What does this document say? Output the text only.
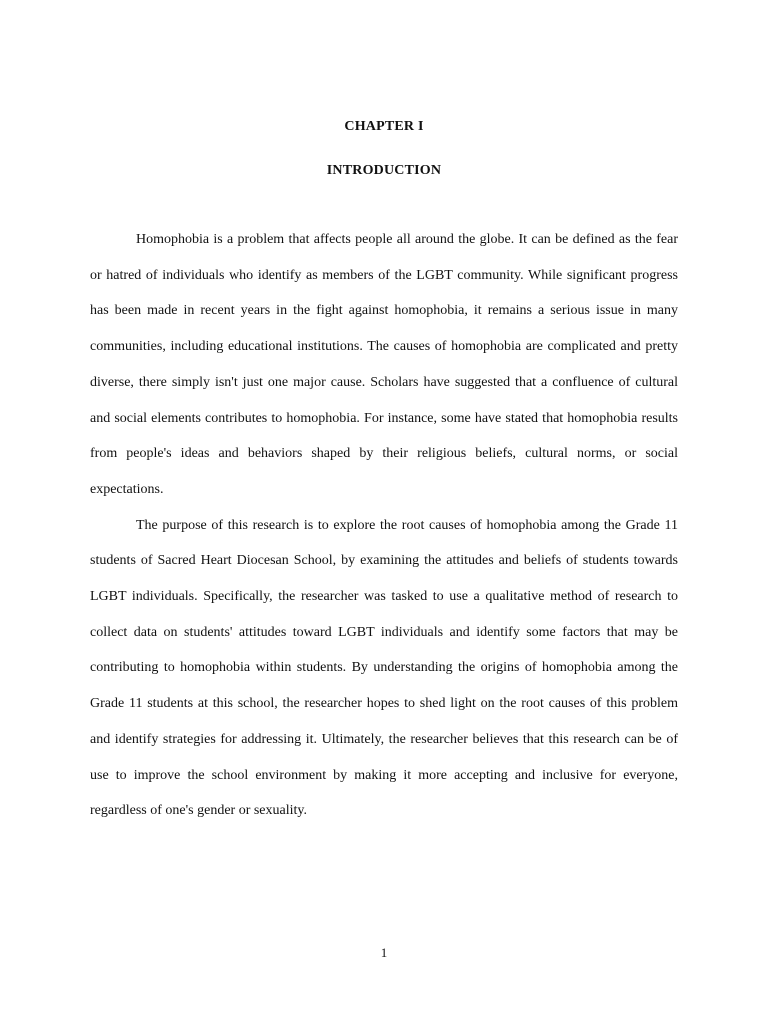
CHAPTER I
INTRODUCTION

Homophobia is a problem that affects people all around the globe. It can be defined as the fear or hatred of individuals who identify as members of the LGBT community. While significant progress has been made in recent years in the fight against homophobia, it remains a serious issue in many communities, including educational institutions. The causes of homophobia are complicated and pretty diverse, there simply isn't just one major cause. Scholars have suggested that a confluence of cultural and social elements contributes to homophobia. For instance, some have stated that homophobia results from people's ideas and behaviors shaped by their religious beliefs, cultural norms, or social expectations.

The purpose of this research is to explore the root causes of homophobia among the Grade 11 students of Sacred Heart Diocesan School, by examining the attitudes and beliefs of students towards LGBT individuals. Specifically, the researcher was tasked to use a qualitative method of research to collect data on students' attitudes toward LGBT individuals and identify some factors that may be contributing to homophobia within students. By understanding the origins of homophobia among the Grade 11 students at this school, the researcher hopes to shed light on the root causes of this problem and identify strategies for addressing it. Ultimately, the researcher believes that this research can be of use to improve the school environment by making it more accepting and inclusive for everyone, regardless of one's gender or sexuality.

1
